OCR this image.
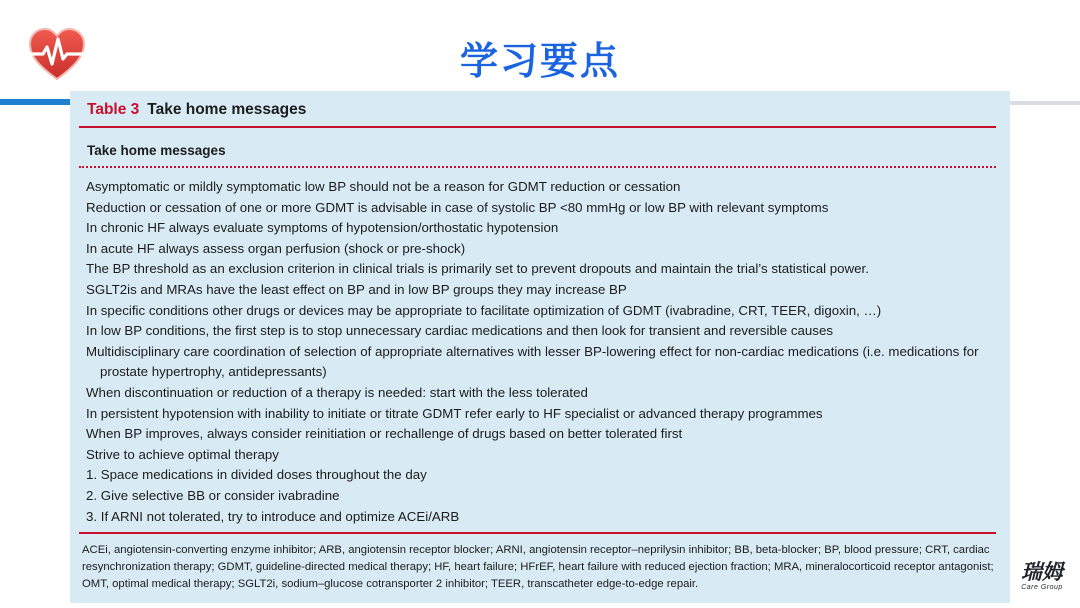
学习要点
Table 3 Take home messages
Take home messages
Asymptomatic or mildly symptomatic low BP should not be a reason for GDMT reduction or cessation
Reduction or cessation of one or more GDMT is advisable in case of systolic BP <80 mmHg or low BP with relevant symptoms
In chronic HF always evaluate symptoms of hypotension/orthostatic hypotension
In acute HF always assess organ perfusion (shock or pre-shock)
The BP threshold as an exclusion criterion in clinical trials is primarily set to prevent dropouts and maintain the trial’s statistical power.
SGLT2is and MRAs have the least effect on BP and in low BP groups they may increase BP
In specific conditions other drugs or devices may be appropriate to facilitate optimization of GDMT (ivabradine, CRT, TEER, digoxin, …)
In low BP conditions, the first step is to stop unnecessary cardiac medications and then look for transient and reversible causes
Multidisciplinary care coordination of selection of appropriate alternatives with lesser BP-lowering effect for non-cardiac medications (i.e. medications for prostate hypertrophy, antidepressants)
When discontinuation or reduction of a therapy is needed: start with the less tolerated
In persistent hypotension with inability to initiate or titrate GDMT refer early to HF specialist or advanced therapy programmes
When BP improves, always consider reinitiation or rechallenge of drugs based on better tolerated first
Strive to achieve optimal therapy
1. Space medications in divided doses throughout the day
2. Give selective BB or consider ivabradine
3. If ARNI not tolerated, try to introduce and optimize ACEi/ARB
ACEi, angiotensin-converting enzyme inhibitor; ARB, angiotensin receptor blocker; ARNI, angiotensin receptor–neprilysin inhibitor; BB, beta-blocker; BP, blood pressure; CRT, cardiac resynchronization therapy; GDMT, guideline-directed medical therapy; HF, heart failure; HFrEF, heart failure with reduced ejection fraction; MRA, mineralocorticoid receptor antagonist; OMT, optimal medical therapy; SGLT2i, sodium–glucose cotransporter 2 inhibitor; TEER, transcatheter edge-to-edge repair.
瑞姆
Care Group
